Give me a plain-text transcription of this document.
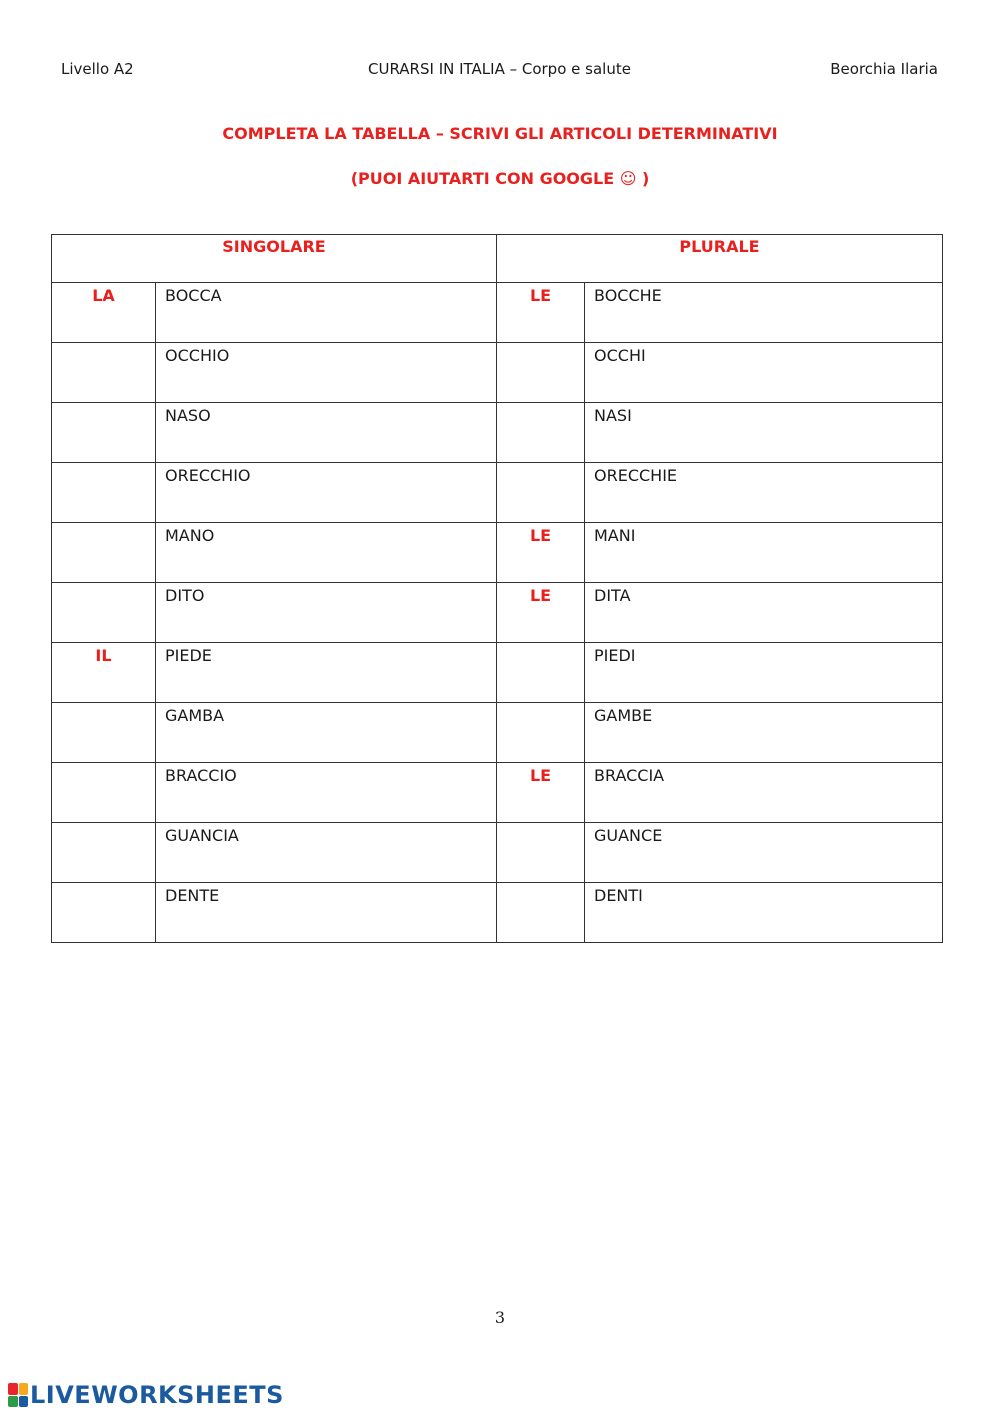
Livello A2	CURARSI IN ITALIA – Corpo e salute	Beorchia Ilaria
COMPLETA LA TABELLA – SCRIVI GLI ARTICOLI DETERMINATIVI
(PUOI AIUTARTI CON GOOGLE ☺ )
SINGOLARE		PLURALE	
LA	BOCCA	LE	BOCCHE
	OCCHIO		OCCHI
	NASO		NASI
	ORECCHIO		ORECCHIE
	MANO	LE	MANI
	DITO	LE	DITA
IL	PIEDE		PIEDI
	GAMBA		GAMBE
	BRACCIO	LE	BRACCIA
	GUANCIA		GUANCE
	DENTE		DENTI
3
LIVEWORKSHEETS
